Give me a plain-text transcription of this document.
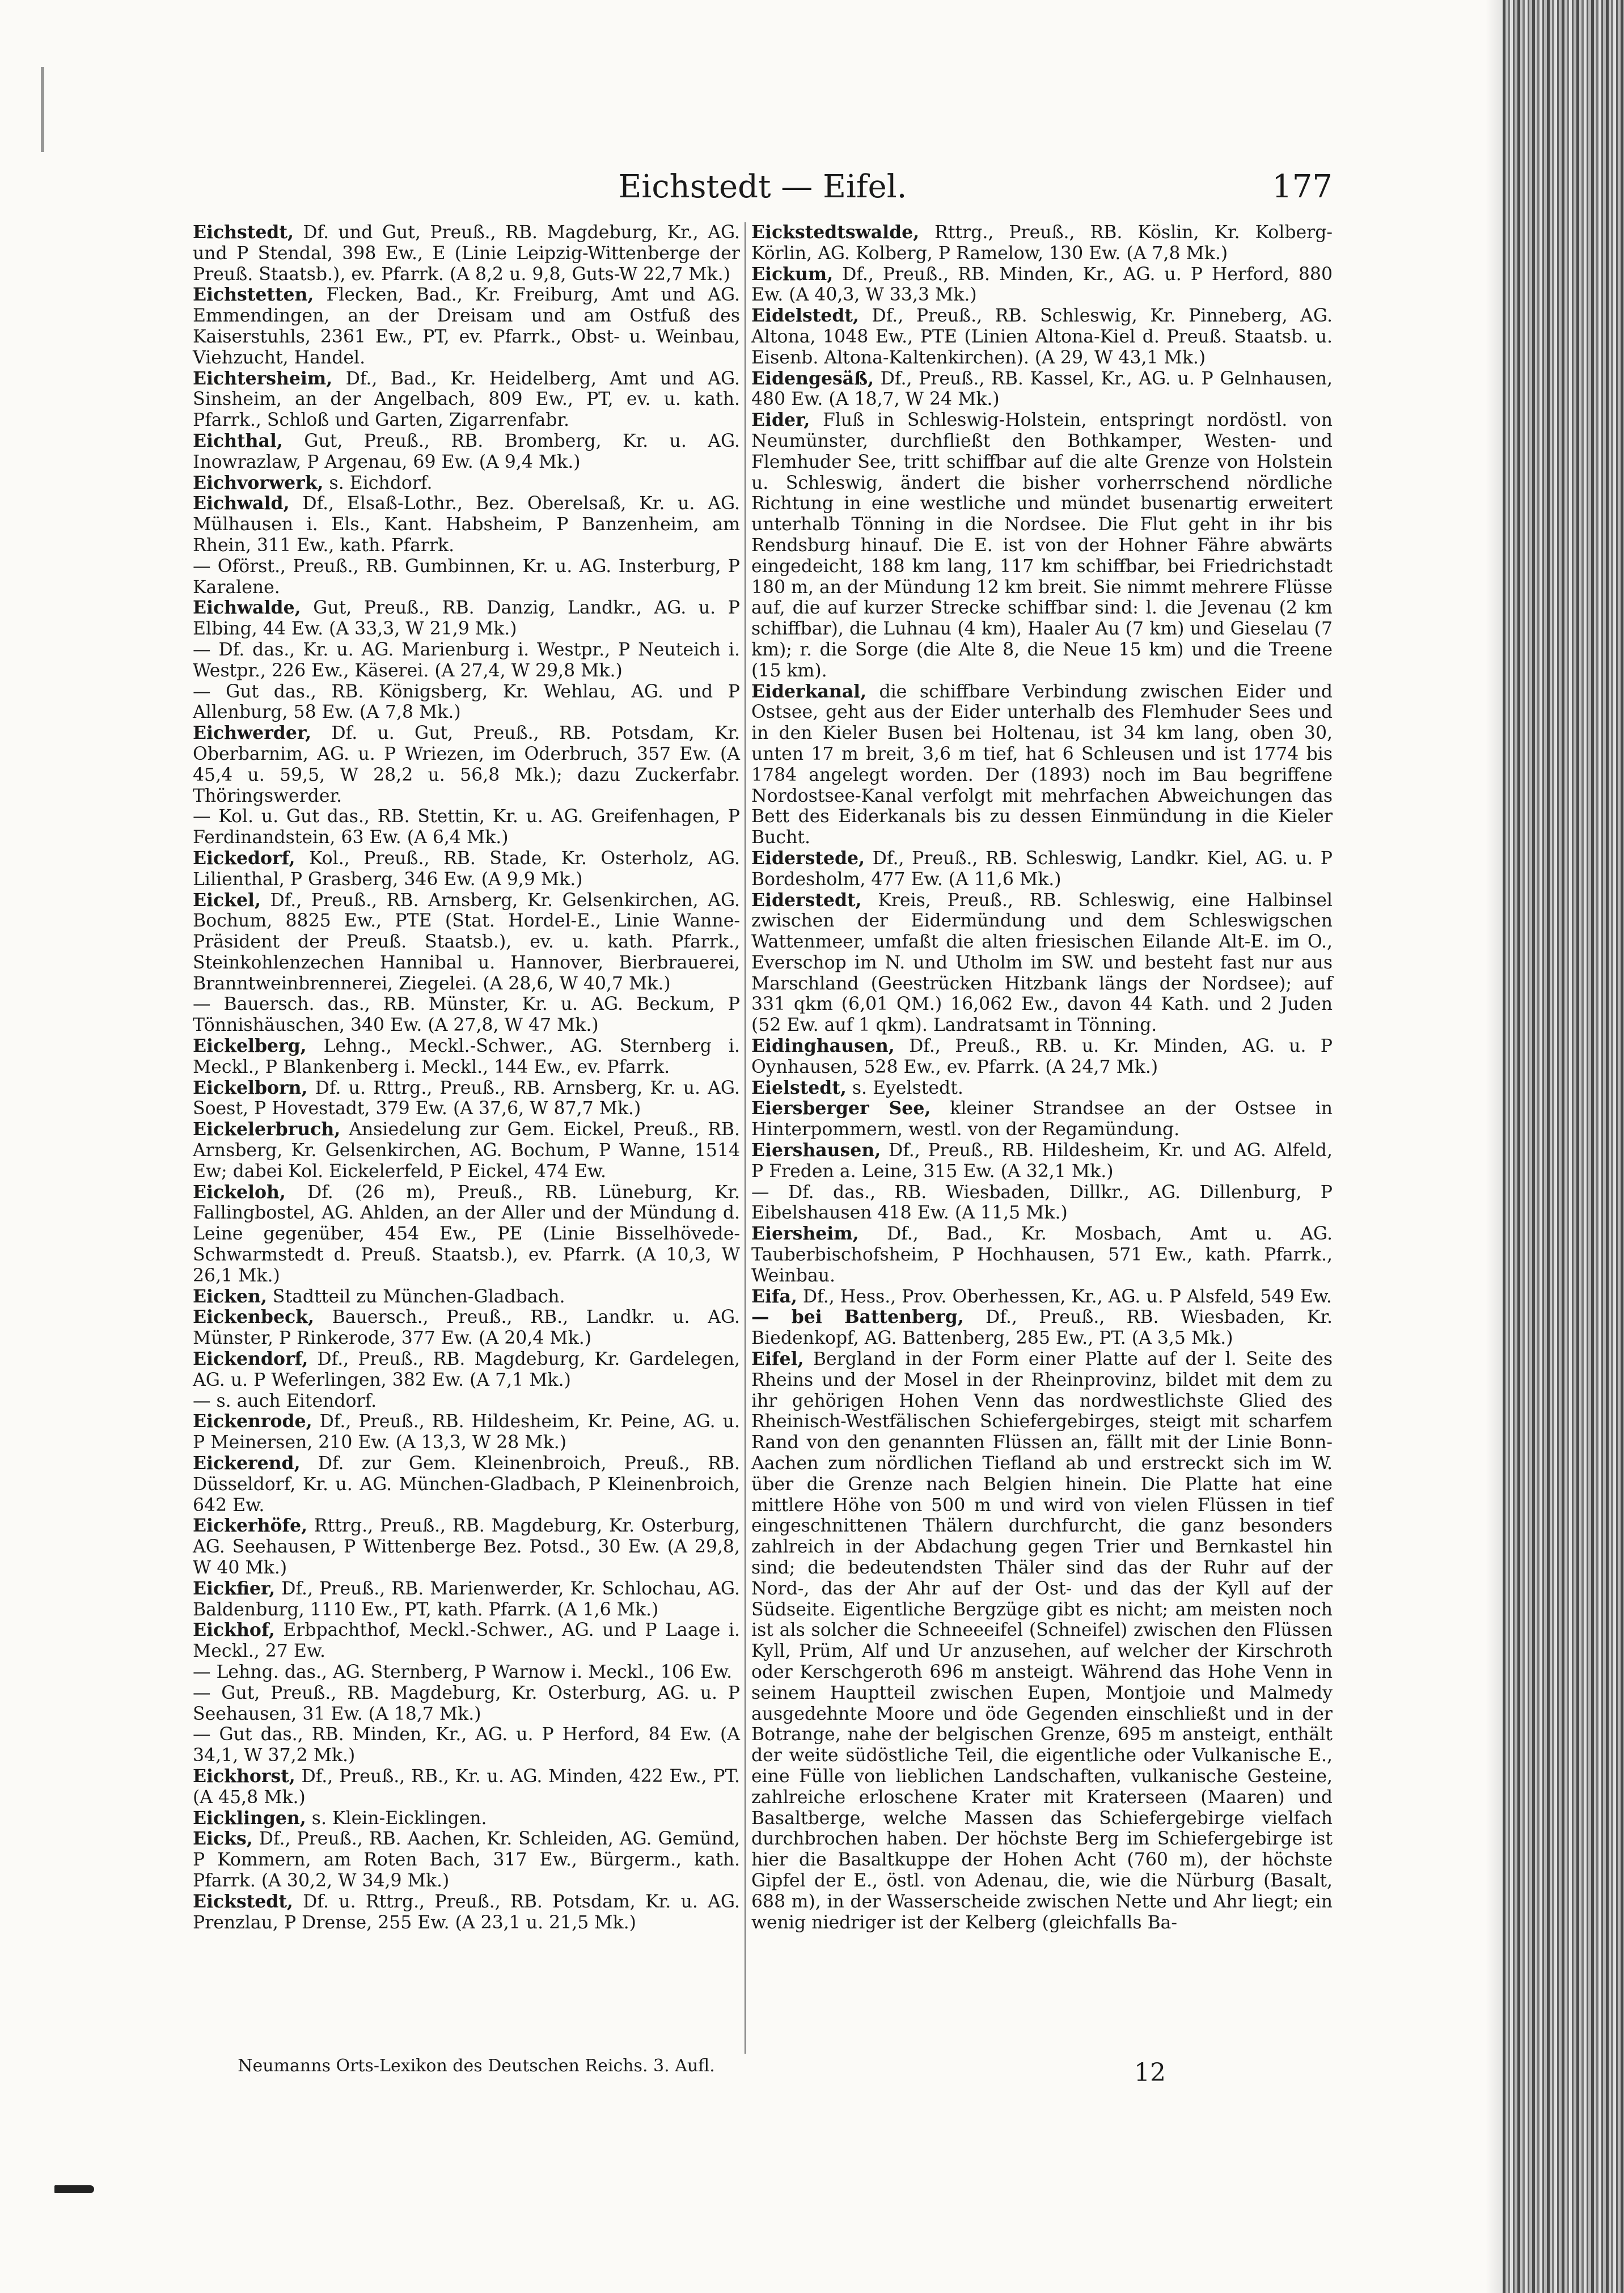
Eichstedt — Eifel.	177

Eichstedt, Df. und Gut, Preuß., RB. Magdeburg, Kr., AG. und P Stendal, 398 Ew., E (Linie Leipzig-Wittenberge der Preuß. Staatsb.), ev. Pfarrk. (A 8,2 u. 9,8, Guts-W 22,7 Mk.)

Eichstetten, Flecken, Bad., Kr. Freiburg, Amt und AG. Emmendingen, an der Dreisam und am Ostfuß des Kaiserstuhls, 2361 Ew., PT, ev. Pfarrk., Obst- u. Weinbau, Viehzucht, Handel.

Eichtersheim, Df., Bad., Kr. Heidelberg, Amt und AG. Sinsheim, an der Angelbach, 809 Ew., PT, ev. u. kath. Pfarrk., Schloß und Garten, Zigarrenfabr.

Eichthal, Gut, Preuß., RB. Bromberg, Kr. u. AG. Inowrazlaw, P Argenau, 69 Ew. (A 9,4 Mk.)

Eichvorwerk, s. Eichdorf.

Eichwald, Df., Elsaß-Lothr., Bez. Oberelsaß, Kr. u. AG. Mülhausen i. Els., Kant. Habsheim, P Banzenheim, am Rhein, 311 Ew., kath. Pfarrk.

— Oförst., Preuß., RB. Gumbinnen, Kr. u. AG. Insterburg, P Karalene.

Eichwalde, Gut, Preuß., RB. Danzig, Landkr., AG. u. P Elbing, 44 Ew. (A 33,3, W 21,9 Mk.)

— Df. das., Kr. u. AG. Marienburg i. Westpr., P Neuteich i. Westpr., 226 Ew., Käserei. (A 27,4, W 29,8 Mk.)

— Gut das., RB. Königsberg, Kr. Wehlau, AG. und P Allenburg, 58 Ew. (A 7,8 Mk.)

Eichwerder, Df. u. Gut, Preuß., RB. Potsdam, Kr. Oberbarnim, AG. u. P Wriezen, im Oderbruch, 357 Ew. (A 45,4 u. 59,5, W 28,2 u. 56,8 Mk.); dazu Zuckerfabr. Thöringswerder.

— Kol. u. Gut das., RB. Stettin, Kr. u. AG. Greifenhagen, P Ferdinandstein, 63 Ew. (A 6,4 Mk.)

Eickedorf, Kol., Preuß., RB. Stade, Kr. Osterholz, AG. Lilienthal, P Grasberg, 346 Ew. (A 9,9 Mk.)

Eickel, Df., Preuß., RB. Arnsberg, Kr. Gelsenkirchen, AG. Bochum, 8825 Ew., PTE (Stat. Hordel-E., Linie Wanne-Präsident der Preuß. Staatsb.), ev. u. kath. Pfarrk., Steinkohlenzechen Hannibal u. Hannover, Bierbrauerei, Branntweinbrennerei, Ziegelei. (A 28,6, W 40,7 Mk.)

— Bauersch. das., RB. Münster, Kr. u. AG. Beckum, P Tönnishäuschen, 340 Ew. (A 27,8, W 47 Mk.)

Eickelberg, Lehng., Meckl.-Schwer., AG. Sternberg i. Meckl., P Blankenberg i. Meckl., 144 Ew., ev. Pfarrk.

Eickelborn, Df. u. Rttrg., Preuß., RB. Arnsberg, Kr. u. AG. Soest, P Hovestadt, 379 Ew. (A 37,6, W 87,7 Mk.)

Eickelerbruch, Ansiedelung zur Gem. Eickel, Preuß., RB. Arnsberg, Kr. Gelsenkirchen, AG. Bochum, P Wanne, 1514 Ew; dabei Kol. Eickelerfeld, P Eickel, 474 Ew.

Eickeloh, Df. (26 m), Preuß., RB. Lüneburg, Kr. Fallingbostel, AG. Ahlden, an der Aller und der Mündung d. Leine gegenüber, 454 Ew., PE (Linie Bisselhövede-Schwarmstedt d. Preuß. Staatsb.), ev. Pfarrk. (A 10,3, W 26,1 Mk.)

Eicken, Stadtteil zu München-Gladbach.

Eickenbeck, Bauersch., Preuß., RB., Landkr. u. AG. Münster, P Rinkerode, 377 Ew. (A 20,4 Mk.)

Eickendorf, Df., Preuß., RB. Magdeburg, Kr. Gardelegen, AG. u. P Weferlingen, 382 Ew. (A 7,1 Mk.)

— s. auch Eitendorf.

Eickenrode, Df., Preuß., RB. Hildesheim, Kr. Peine, AG. u. P Meinersen, 210 Ew. (A 13,3, W 28 Mk.)

Eickerend, Df. zur Gem. Kleinenbroich, Preuß., RB. Düsseldorf, Kr. u. AG. München-Gladbach, P Kleinenbroich, 642 Ew.

Eickerhöfe, Rttrg., Preuß., RB. Magdeburg, Kr. Osterburg, AG. Seehausen, P Wittenberge Bez. Potsd., 30 Ew. (A 29,8, W 40 Mk.)

Eickfier, Df., Preuß., RB. Marienwerder, Kr. Schlochau, AG. Baldenburg, 1110 Ew., PT, kath. Pfarrk. (A 1,6 Mk.)

Eickhof, Erbpachthof, Meckl.-Schwer., AG. und P Laage i. Meckl., 27 Ew.

— Lehng. das., AG. Sternberg, P Warnow i. Meckl., 106 Ew.

— Gut, Preuß., RB. Magdeburg, Kr. Osterburg, AG. u. P Seehausen, 31 Ew. (A 18,7 Mk.)

— Gut das., RB. Minden, Kr., AG. u. P Herford, 84 Ew. (A 34,1, W 37,2 Mk.)

Eickhorst, Df., Preuß., RB., Kr. u. AG. Minden, 422 Ew., PT. (A 45,8 Mk.)

Eicklingen, s. Klein-Eicklingen.

Eicks, Df., Preuß., RB. Aachen, Kr. Schleiden, AG. Gemünd, P Kommern, am Roten Bach, 317 Ew., Bürgerm., kath. Pfarrk. (A 30,2, W 34,9 Mk.)

Eickstedt, Df. u. Rttrg., Preuß., RB. Potsdam, Kr. u. AG. Prenzlau, P Drense, 255 Ew. (A 23,1 u. 21,5 Mk.)

Eickstedtswalde, Rttrg., Preuß., RB. Köslin, Kr. Kolberg-Körlin, AG. Kolberg, P Ramelow, 130 Ew. (A 7,8 Mk.)

Eickum, Df., Preuß., RB. Minden, Kr., AG. u. P Herford, 880 Ew. (A 40,3, W 33,3 Mk.)

Eidelstedt, Df., Preuß., RB. Schleswig, Kr. Pinneberg, AG. Altona, 1048 Ew., PTE (Linien Altona-Kiel d. Preuß. Staatsb. u. Eisenb. Altona-Kaltenkirchen). (A 29, W 43,1 Mk.)

Eidengesäß, Df., Preuß., RB. Kassel, Kr., AG. u. P Gelnhausen, 480 Ew. (A 18,7, W 24 Mk.)

Eider, Fluß in Schleswig-Holstein, entspringt nordöstl. von Neumünster, durchfließt den Bothkamper, Westen- und Flemhuder See, tritt schiffbar auf die alte Grenze von Holstein u. Schleswig, ändert die bisher vorherrschend nördliche Richtung in eine westliche und mündet busenartig erweitert unterhalb Tönning in die Nordsee. Die Flut geht in ihr bis Rendsburg hinauf. Die E. ist von der Hohner Fähre abwärts eingedeicht, 188 km lang, 117 km schiffbar, bei Friedrichstadt 180 m, an der Mündung 12 km breit. Sie nimmt mehrere Flüsse auf, die auf kurzer Strecke schiffbar sind: l. die Jevenau (2 km schiffbar), die Luhnau (4 km), Haaler Au (7 km) und Gieselau (7 km); r. die Sorge (die Alte 8, die Neue 15 km) und die Treene (15 km).

Eiderkanal, die schiffbare Verbindung zwischen Eider und Ostsee, geht aus der Eider unterhalb des Flemhuder Sees und in den Kieler Busen bei Holtenau, ist 34 km lang, oben 30, unten 17 m breit, 3,6 m tief, hat 6 Schleusen und ist 1774 bis 1784 angelegt worden. Der (1893) noch im Bau begriffene Nordostsee-Kanal verfolgt mit mehrfachen Abweichungen das Bett des Eiderkanals bis zu dessen Einmündung in die Kieler Bucht.

Eiderstede, Df., Preuß., RB. Schleswig, Landkr. Kiel, AG. u. P Bordesholm, 477 Ew. (A 11,6 Mk.)

Eiderstedt, Kreis, Preuß., RB. Schleswig, eine Halbinsel zwischen der Eidermündung und dem Schleswigschen Wattenmeer, umfaßt die alten friesischen Eilande Alt-E. im O., Everschop im N. und Utholm im SW. und besteht fast nur aus Marschland (Geestrücken Hitzbank längs der Nordsee); auf 331 qkm (6,01 QM.) 16,062 Ew., davon 44 Kath. und 2 Juden (52 Ew. auf 1 qkm). Landratsamt in Tönning.

Eidinghausen, Df., Preuß., RB. u. Kr. Minden, AG. u. P Oynhausen, 528 Ew., ev. Pfarrk. (A 24,7 Mk.)

Eielstedt, s. Eyelstedt.

Eiersberger See, kleiner Strandsee an der Ostsee in Hinterpommern, westl. von der Regamündung.

Eiershausen, Df., Preuß., RB. Hildesheim, Kr. und AG. Alfeld, P Freden a. Leine, 315 Ew. (A 32,1 Mk.)

— Df. das., RB. Wiesbaden, Dillkr., AG. Dillenburg, P Eibelshausen 418 Ew. (A 11,5 Mk.)

Eiersheim, Df., Bad., Kr. Mosbach, Amt u. AG. Tauberbischofsheim, P Hochhausen, 571 Ew., kath. Pfarrk., Weinbau.

Eifa, Df., Hess., Prov. Oberhessen, Kr., AG. u. P Alsfeld, 549 Ew.

— bei Battenberg, Df., Preuß., RB. Wiesbaden, Kr. Biedenkopf, AG. Battenberg, 285 Ew., PT. (A 3,5 Mk.)

Eifel, Bergland in der Form einer Platte auf der l. Seite des Rheins und der Mosel in der Rheinprovinz, bildet mit dem zu ihr gehörigen Hohen Venn das nordwestlichste Glied des Rheinisch-Westfälischen Schiefergebirges, steigt mit scharfem Rand von den genannten Flüssen an, fällt mit der Linie Bonn-Aachen zum nördlichen Tiefland ab und erstreckt sich im W. über die Grenze nach Belgien hinein. Die Platte hat eine mittlere Höhe von 500 m und wird von vielen Flüssen in tief eingeschnittenen Thälern durchfurcht, die ganz besonders zahlreich in der Abdachung gegen Trier und Bernkastel hin sind; die bedeutendsten Thäler sind das der Ruhr auf der Nord-, das der Ahr auf der Ost- und das der Kyll auf der Südseite. Eigentliche Bergzüge gibt es nicht; am meisten noch ist als solcher die Schneeeifel (Schneifel) zwischen den Flüssen Kyll, Prüm, Alf und Ur anzusehen, auf welcher der Kirschroth oder Kerschgeroth 696 m ansteigt. Während das Hohe Venn in seinem Hauptteil zwischen Eupen, Montjoie und Malmedy ausgedehnte Moore und öde Gegenden einschließt und in der Botrange, nahe der belgischen Grenze, 695 m ansteigt, enthält der weite südöstliche Teil, die eigentliche oder Vulkanische E., eine Fülle von lieblichen Landschaften, vulkanische Gesteine, zahlreiche erloschene Krater mit Kraterseen (Maaren) und Basaltberge, welche Massen das Schiefergebirge vielfach durchbrochen haben. Der höchste Berg im Schiefergebirge ist hier die Basaltkuppe der Hohen Acht (760 m), der höchste Gipfel der E., östl. von Adenau, die, wie die Nürburg (Basalt, 688 m), in der Wasserscheide zwischen Nette und Ahr liegt; ein wenig niedriger ist der Kelberg (gleichfalls Ba-

Neumanns Orts-Lexikon des Deutschen Reichs. 3. Aufl.	12
